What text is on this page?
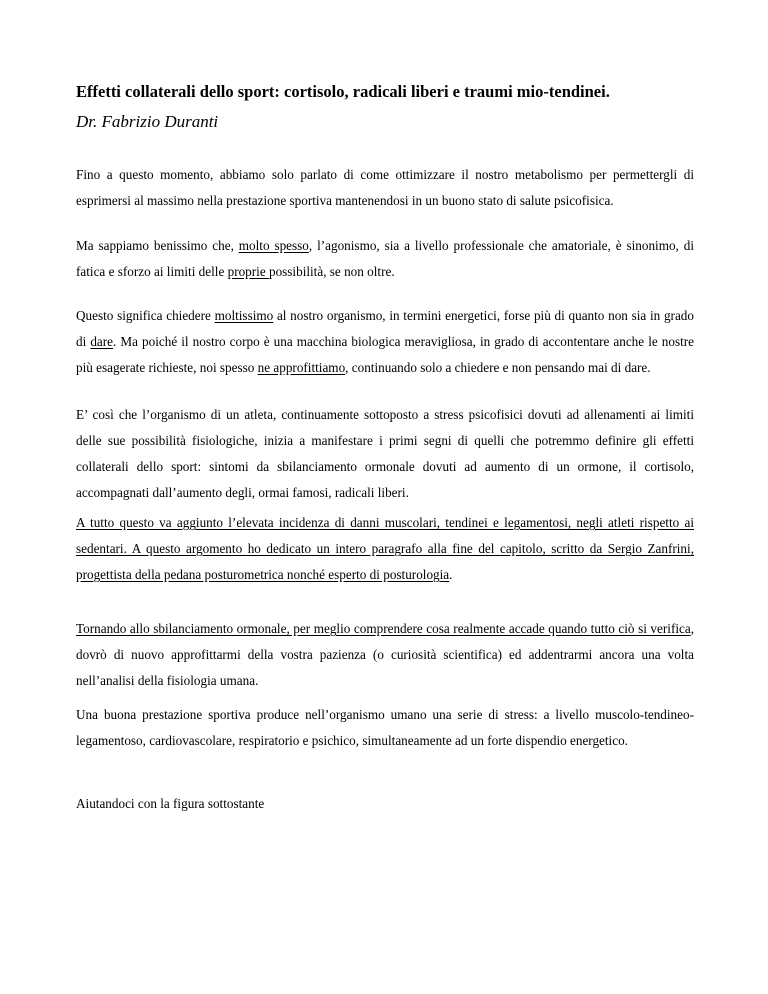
Effetti collaterali dello sport: cortisolo, radicali liberi e traumi mio-tendinei.

Dr. Fabrizio Duranti

Fino a questo momento, abbiamo solo parlato di come ottimizzare il nostro metabolismo per permettergli di esprimersi al massimo nella prestazione sportiva mantenendosi in un buono stato di salute psicofisica.

Ma sappiamo benissimo che, molto spesso, l’agonismo, sia a livello professionale che amatoriale, è sinonimo, di fatica e sforzo ai limiti delle proprie possibilità, se non oltre.

Questo significa chiedere moltissimo al nostro organismo, in termini energetici, forse più di quanto non sia in grado di dare. Ma poiché il nostro corpo è una macchina biologica meravigliosa, in grado di accontentare anche le nostre più esagerate richieste, noi spesso ne approfittiamo, continuando solo a chiedere e non pensando mai di dare.

E’ così che l’organismo di un atleta, continuamente sottoposto a stress psicofisici dovuti ad allenamenti ai limiti delle sue possibilità fisiologiche, inizia a manifestare i primi segni di quelli che potremmo definire gli effetti collaterali dello sport: sintomi da sbilanciamento ormonale dovuti ad aumento di un ormone, il cortisolo, accompagnati dall’aumento degli, ormai famosi, radicali liberi.

A tutto questo va aggiunto l’elevata incidenza di danni muscolari, tendinei e legamentosi, negli atleti rispetto ai sedentari. A questo argomento ho dedicato un intero paragrafo alla fine del capitolo, scritto da Sergio Zanfrini, progettista della pedana posturometrica nonché esperto di posturologia.

Tornando allo sbilanciamento ormonale, per meglio comprendere cosa realmente accade quando tutto ciò si verifica, dovrò di nuovo approfittarmi della vostra pazienza (o curiosità scientifica) ed addentrarmi ancora una volta nell’analisi della fisiologia umana.

Una buona prestazione sportiva produce nell’organismo umano una serie di stress: a livello muscolo-tendineo-legamentoso, cardiovascolare, respiratorio e psichico, simultaneamente ad un forte dispendio energetico.

Aiutandoci con la figura sottostante
